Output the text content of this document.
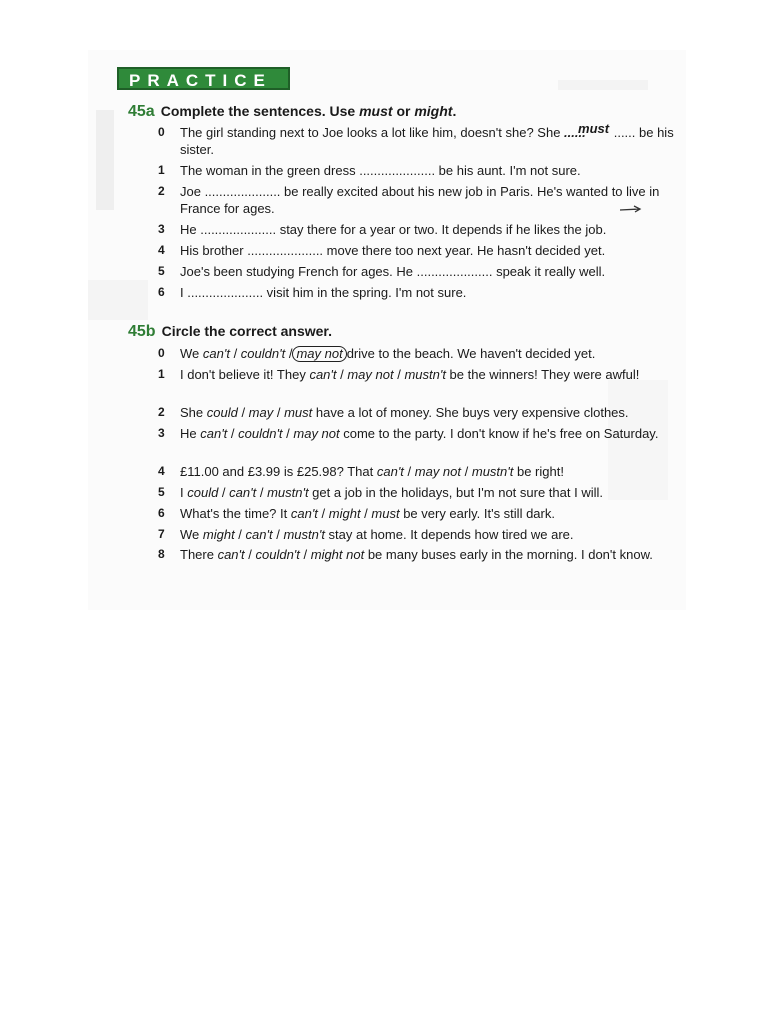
PRACTICE
45a Complete the sentences. Use must or might.
0	The girl standing next to Joe looks a lot like him, doesn't she? She ......
must ...... be his sister.
1	The woman in the green dress ..................... be his aunt. I'm not sure.
2	Joe ..................... be really excited about his new job in Paris. He's wanted to live in France for ages.
3	He ..................... stay there for a year or two. It depends if he likes the job.
4	His brother ..................... move there too next year. He hasn't decided yet.
5	Joe's been studying French for ages. He ..................... speak it really well.
6	I ..................... visit him in the spring. I'm not sure.
45b Circle the correct answer.
0	We can't / couldn't / may not drive to the beach. We haven't decided yet.
1	I don't believe it! They can't / may not / mustn't be the winners! They were awful!
2	She could / may / must have a lot of money. She buys very expensive clothes.
3	He can't / couldn't / may not come to the party. I don't know if he's free on Saturday.
4	£11.00 and £3.99 is £25.98? That can't / may not / mustn't be right!
5	I could / can't / mustn't get a job in the holidays, but I'm not sure that I will.
6	What's the time? It can't / might / must be very early. It's still dark.
7	We might / can't / mustn't stay at home. It depends how tired we are.
8	There can't / couldn't / might not be many buses early in the morning. I don't know.
